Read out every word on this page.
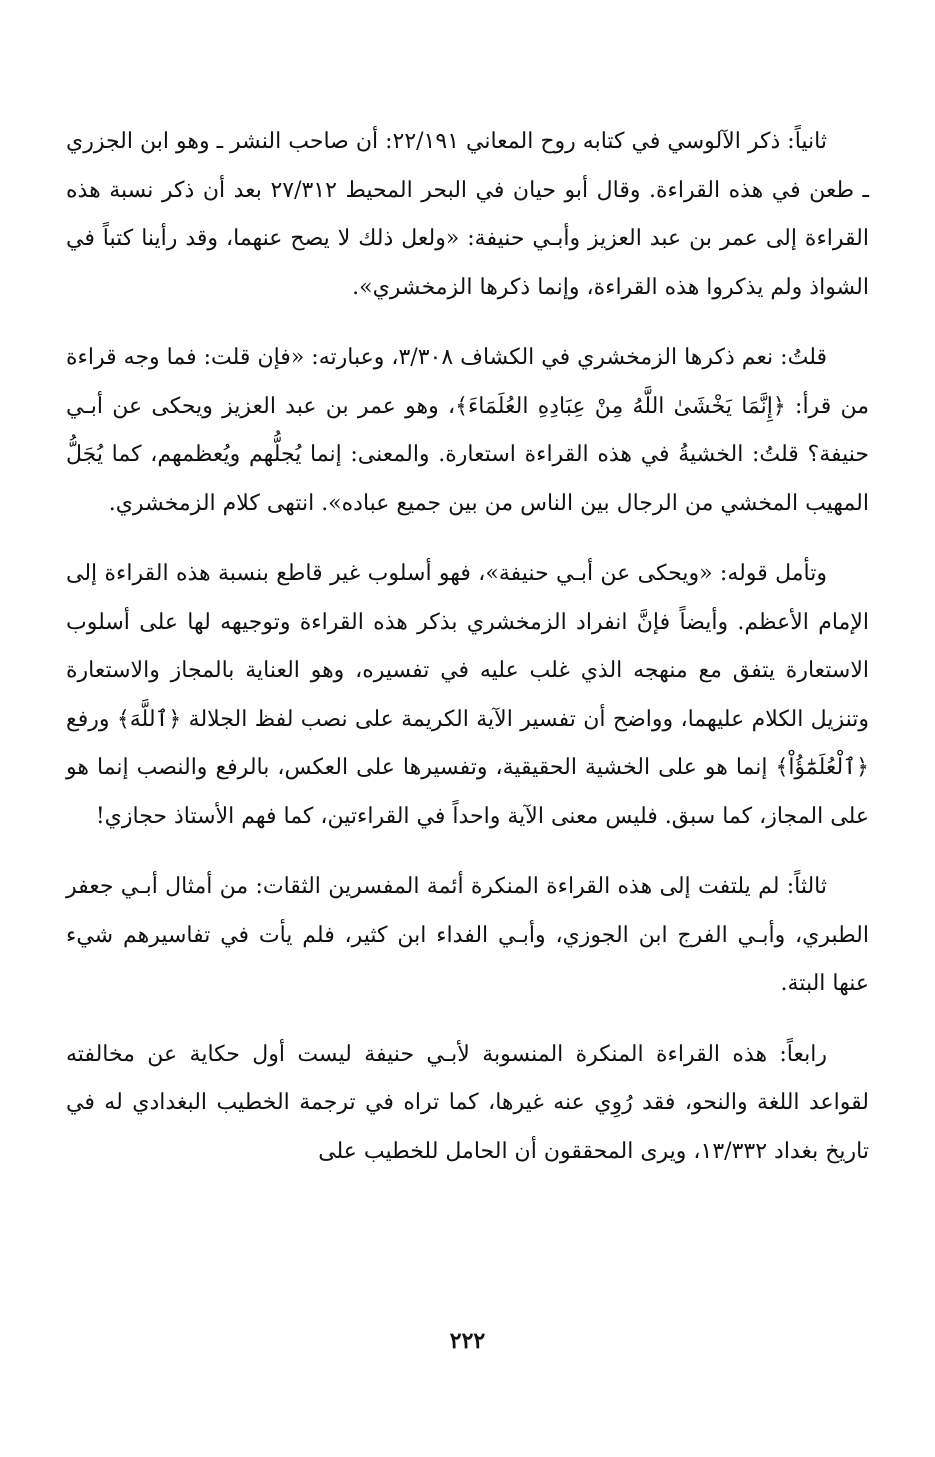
ثانياً: ذكر الآلوسي في كتابه روح المعاني ٢٢/١٩١: أن صاحب النشر ـ وهو ابن الجزري ـ طعن في هذه القراءة. وقال أبو حيان في البحر المحيط ٢٧/٣١٢ بعد أن ذكر نسبة هذه القراءة إلى عمر بن عبد العزيز وأبـي حنيفة: «ولعل ذلك لا يصح عنهما، وقد رأينا كتباً في الشواذ ولم يذكروا هذه القراءة، وإنما ذكرها الزمخشري».

قلتُ: نعم ذكرها الزمخشري في الكشاف ٣/٣٠٨، وعبارته: «فإن قلت: فما وجه قراءة من قرأ: ﴿إِنَّمَا يَخْشَىٰ اللَّهُ مِنْ عِبَادِهِ العُلَمَاءَ﴾، وهو عمر بن عبد العزيز ويحكى عن أبـي حنيفة؟ قلتُ: الخشيةُ في هذه القراءة استعارة. والمعنى: إنما يُجلُّهم ويُعظمهم، كما يُجَلُّ المهيب المخشي من الرجال بين الناس من بين جميع عباده». انتهى كلام الزمخشري.

وتأمل قوله: «ويحكى عن أبـي حنيفة»، فهو أسلوب غير قاطع بنسبة هذه القراءة إلى الإمام الأعظم. وأيضاً فإنَّ انفراد الزمخشري بذكر هذه القراءة وتوجيهه لها على أسلوب الاستعارة يتفق مع منهجه الذي غلب عليه في تفسيره، وهو العناية بالمجاز والاستعارة وتنزيل الكلام عليهما، وواضح أن تفسير الآية الكريمة على نصب لفظ الجلالة ﴿ٱللَّهَ﴾ ورفع ﴿ٱلْعُلَمَٰٓؤُاْ﴾ إنما هو على الخشية الحقيقية، وتفسيرها على العكس، بالرفع والنصب إنما هو على المجاز، كما سبق. فليس معنى الآية واحداً في القراءتين، كما فهم الأستاذ حجازي!

ثالثاً: لم يلتفت إلى هذه القراءة المنكرة أئمة المفسرين الثقات: من أمثال أبـي جعفر الطبري، وأبـي الفرج ابن الجوزي، وأبـي الفداء ابن كثير، فلم يأت في تفاسيرهم شيء عنها البتة.

رابعاً: هذه القراءة المنكرة المنسوبة لأبـي حنيفة ليست أول حكاية عن مخالفته لقواعد اللغة والنحو، فقد رُوِي عنه غيرها، كما تراه في ترجمة الخطيب البغدادي له في تاريخ بغداد ١٣/٣٣٢، ويرى المحققون أن الحامل للخطيب على

٢٢٢
